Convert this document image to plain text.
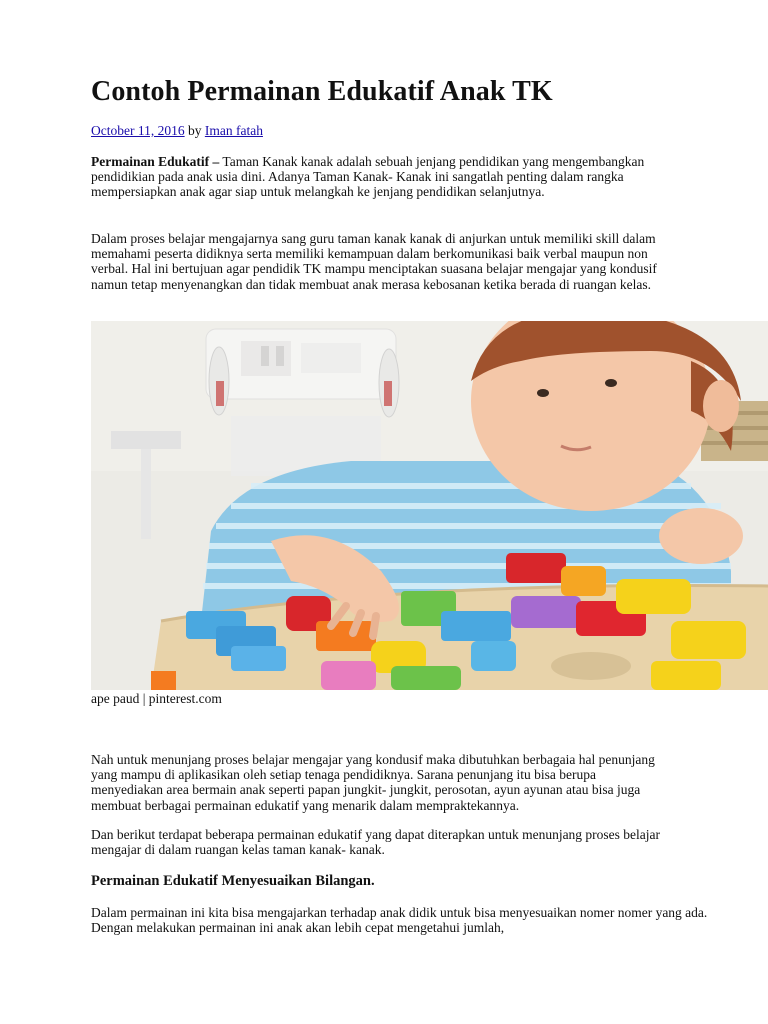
Contoh Permainan Edukatif Anak TK
October 11, 2016 by Iman fatah

Permainan Edukatif – Taman Kanak kanak adalah sebuah jenjang pendidikan yang mengembangkan pendidikian pada anak usia dini. Adanya Taman Kanak- Kanak ini sangatlah penting dalam rangka mempersiapkan anak agar siap untuk melangkah ke jenjang pendidikan selanjutnya.

Dalam proses belajar mengajarnya sang guru taman kanak kanak di anjurkan untuk memiliki skill dalam memahami peserta didiknya serta memiliki kemampuan dalam berkomunikasi baik verbal maupun non verbal. Hal ini bertujuan agar pendidik TK mampu menciptakan suasana belajar mengajar yang kondusif namun tetap menyenangkan dan tidak membuat anak merasa kebosanan ketika berada di ruangan kelas.

ape paud | pinterest.com

Nah untuk menunjang proses belajar mengajar yang kondusif maka dibutuhkan berbagaia hal penunjang yang mampu di aplikasikan oleh setiap tenaga pendidiknya. Sarana penunjang itu bisa berupa menyediakan area bermain anak seperti papan jungkit- jungkit, perosotan, ayun ayunan atau bisa juga membuat berbagai permainan edukatif yang menarik dalam mempraktekannya.

Dan berikut terdapat beberapa permainan edukatif yang dapat diterapkan untuk menunjang proses belajar mengajar di dalam ruangan kelas taman kanak- kanak.

Permainan Edukatif Menyesuaikan Bilangan.

Dalam permainan ini kita bisa mengajarkan terhadap anak didik untuk bisa menyesuaikan nomer nomer yang ada. Dengan melakukan permainan ini anak akan lebih cepat mengetahui jumlah,
